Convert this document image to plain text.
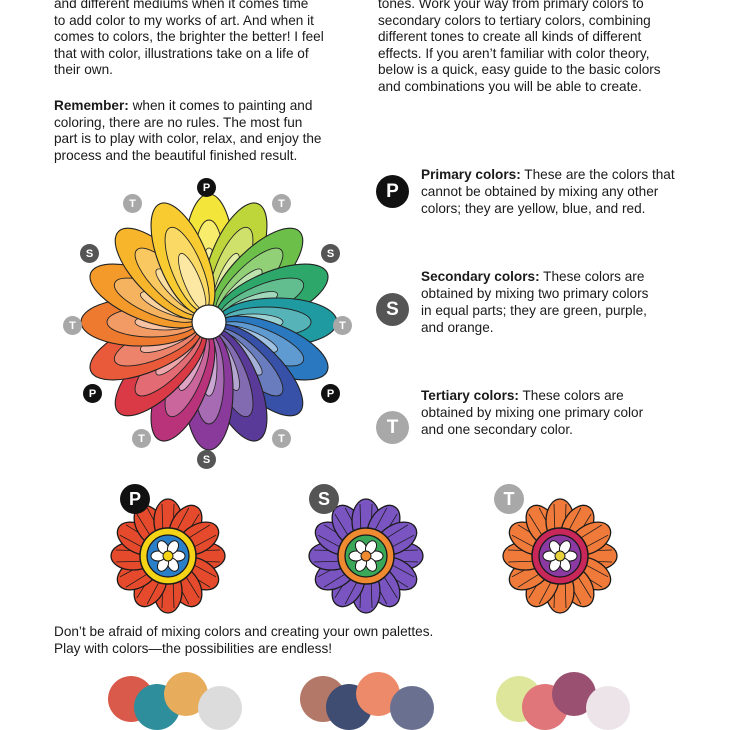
and different mediums when it comes time
to add color to my works of art. And when it
comes to colors, the brighter the better! I feel
that with color, illustrations take on a life of
their own.
Remember: when it comes to painting and
coloring, there are no rules. The most fun
part is to play with color, relax, and enjoy the
process and the beautiful finished result.
tones. Work your way from primary colors to
secondary colors to tertiary colors, combining
different tones to create all kinds of different
effects. If you aren’t familiar with color theory,
below is a quick, easy guide to the basic colors
and combinations you will be able to create.
P
T	T
S	S
T	T
P	P
T	T
S
P
Primary colors: These are the colors that
cannot be obtained by mixing any other
colors; they are yellow, blue, and red.
S
Secondary colors: These colors are
obtained by mixing two primary colors
in equal parts; they are green, purple,
and orange.
T
Tertiary colors: These colors are
obtained by mixing one primary color
and one secondary color.
P	S	T
Don’t be afraid of mixing colors and creating your own palettes.
Play with colors—the possibilities are endless!
